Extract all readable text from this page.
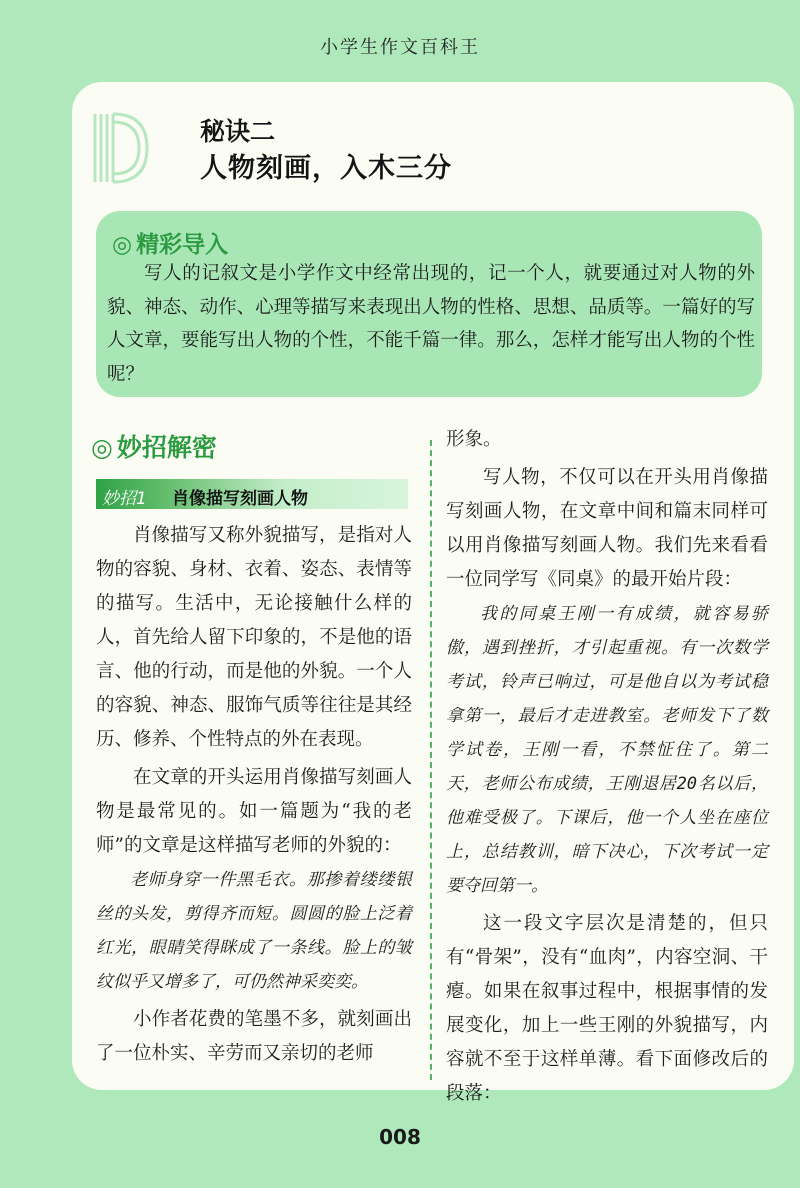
小学生作文百科王
秘诀二
人物刻画，入木三分
◎ 精彩导入

写人的记叙文是小学作文中经常出现的，记一个人，就要通过对人物的外貌、神态、动作、心理等描写来表现出人物的性格、思想、品质等。一篇好的写人文章，要能写出人物的个性，不能千篇一律。那么，怎样才能写出人物的个性呢？

◎ 妙招解密
妙招1 肖像描写刻画人物

肖像描写又称外貌描写，是指对人物的容貌、身材、衣着、姿态、表情等的描写。生活中，无论接触什么样的人，首先给人留下印象的，不是他的语言、他的行动，而是他的外貌。一个人的容貌、神态、服饰气质等往往是其经历、修养、个性特点的外在表现。

在文章的开头运用肖像描写刻画人物是最常见的。如一篇题为“我的老师”的文章是这样描写老师的外貌的：

老师身穿一件黑毛衣。那掺着缕缕银丝的头发，剪得齐而短。圆圆的脸上泛着红光，眼睛笑得眯成了一条线。脸上的皱纹似乎又增多了，可仍然神采奕奕。

小作者花费的笔墨不多，就刻画出了一位朴实、辛劳而又亲切的老师

形象。

写人物，不仅可以在开头用肖像描写刻画人物，在文章中间和篇末同样可以用肖像描写刻画人物。我们先来看看一位同学写《同桌》的最开始片段：

我的同桌王刚一有成绩，就容易骄傲，遇到挫折，才引起重视。有一次数学考试，铃声已响过，可是他自以为考试稳拿第一，最后才走进教室。老师发下了数学试卷，王刚一看，不禁怔住了。第二天，老师公布成绩，王刚退居20名以后，他难受极了。下课后，他一个人坐在座位上，总结教训，暗下决心，下次考试一定要夺回第一。

这一段文字层次是清楚的，但只有“骨架”，没有“血肉”，内容空洞、干瘪。如果在叙事过程中，根据事情的发展变化，加上一些王刚的外貌描写，内容就不至于这样单薄。看下面修改后的段落：

008
